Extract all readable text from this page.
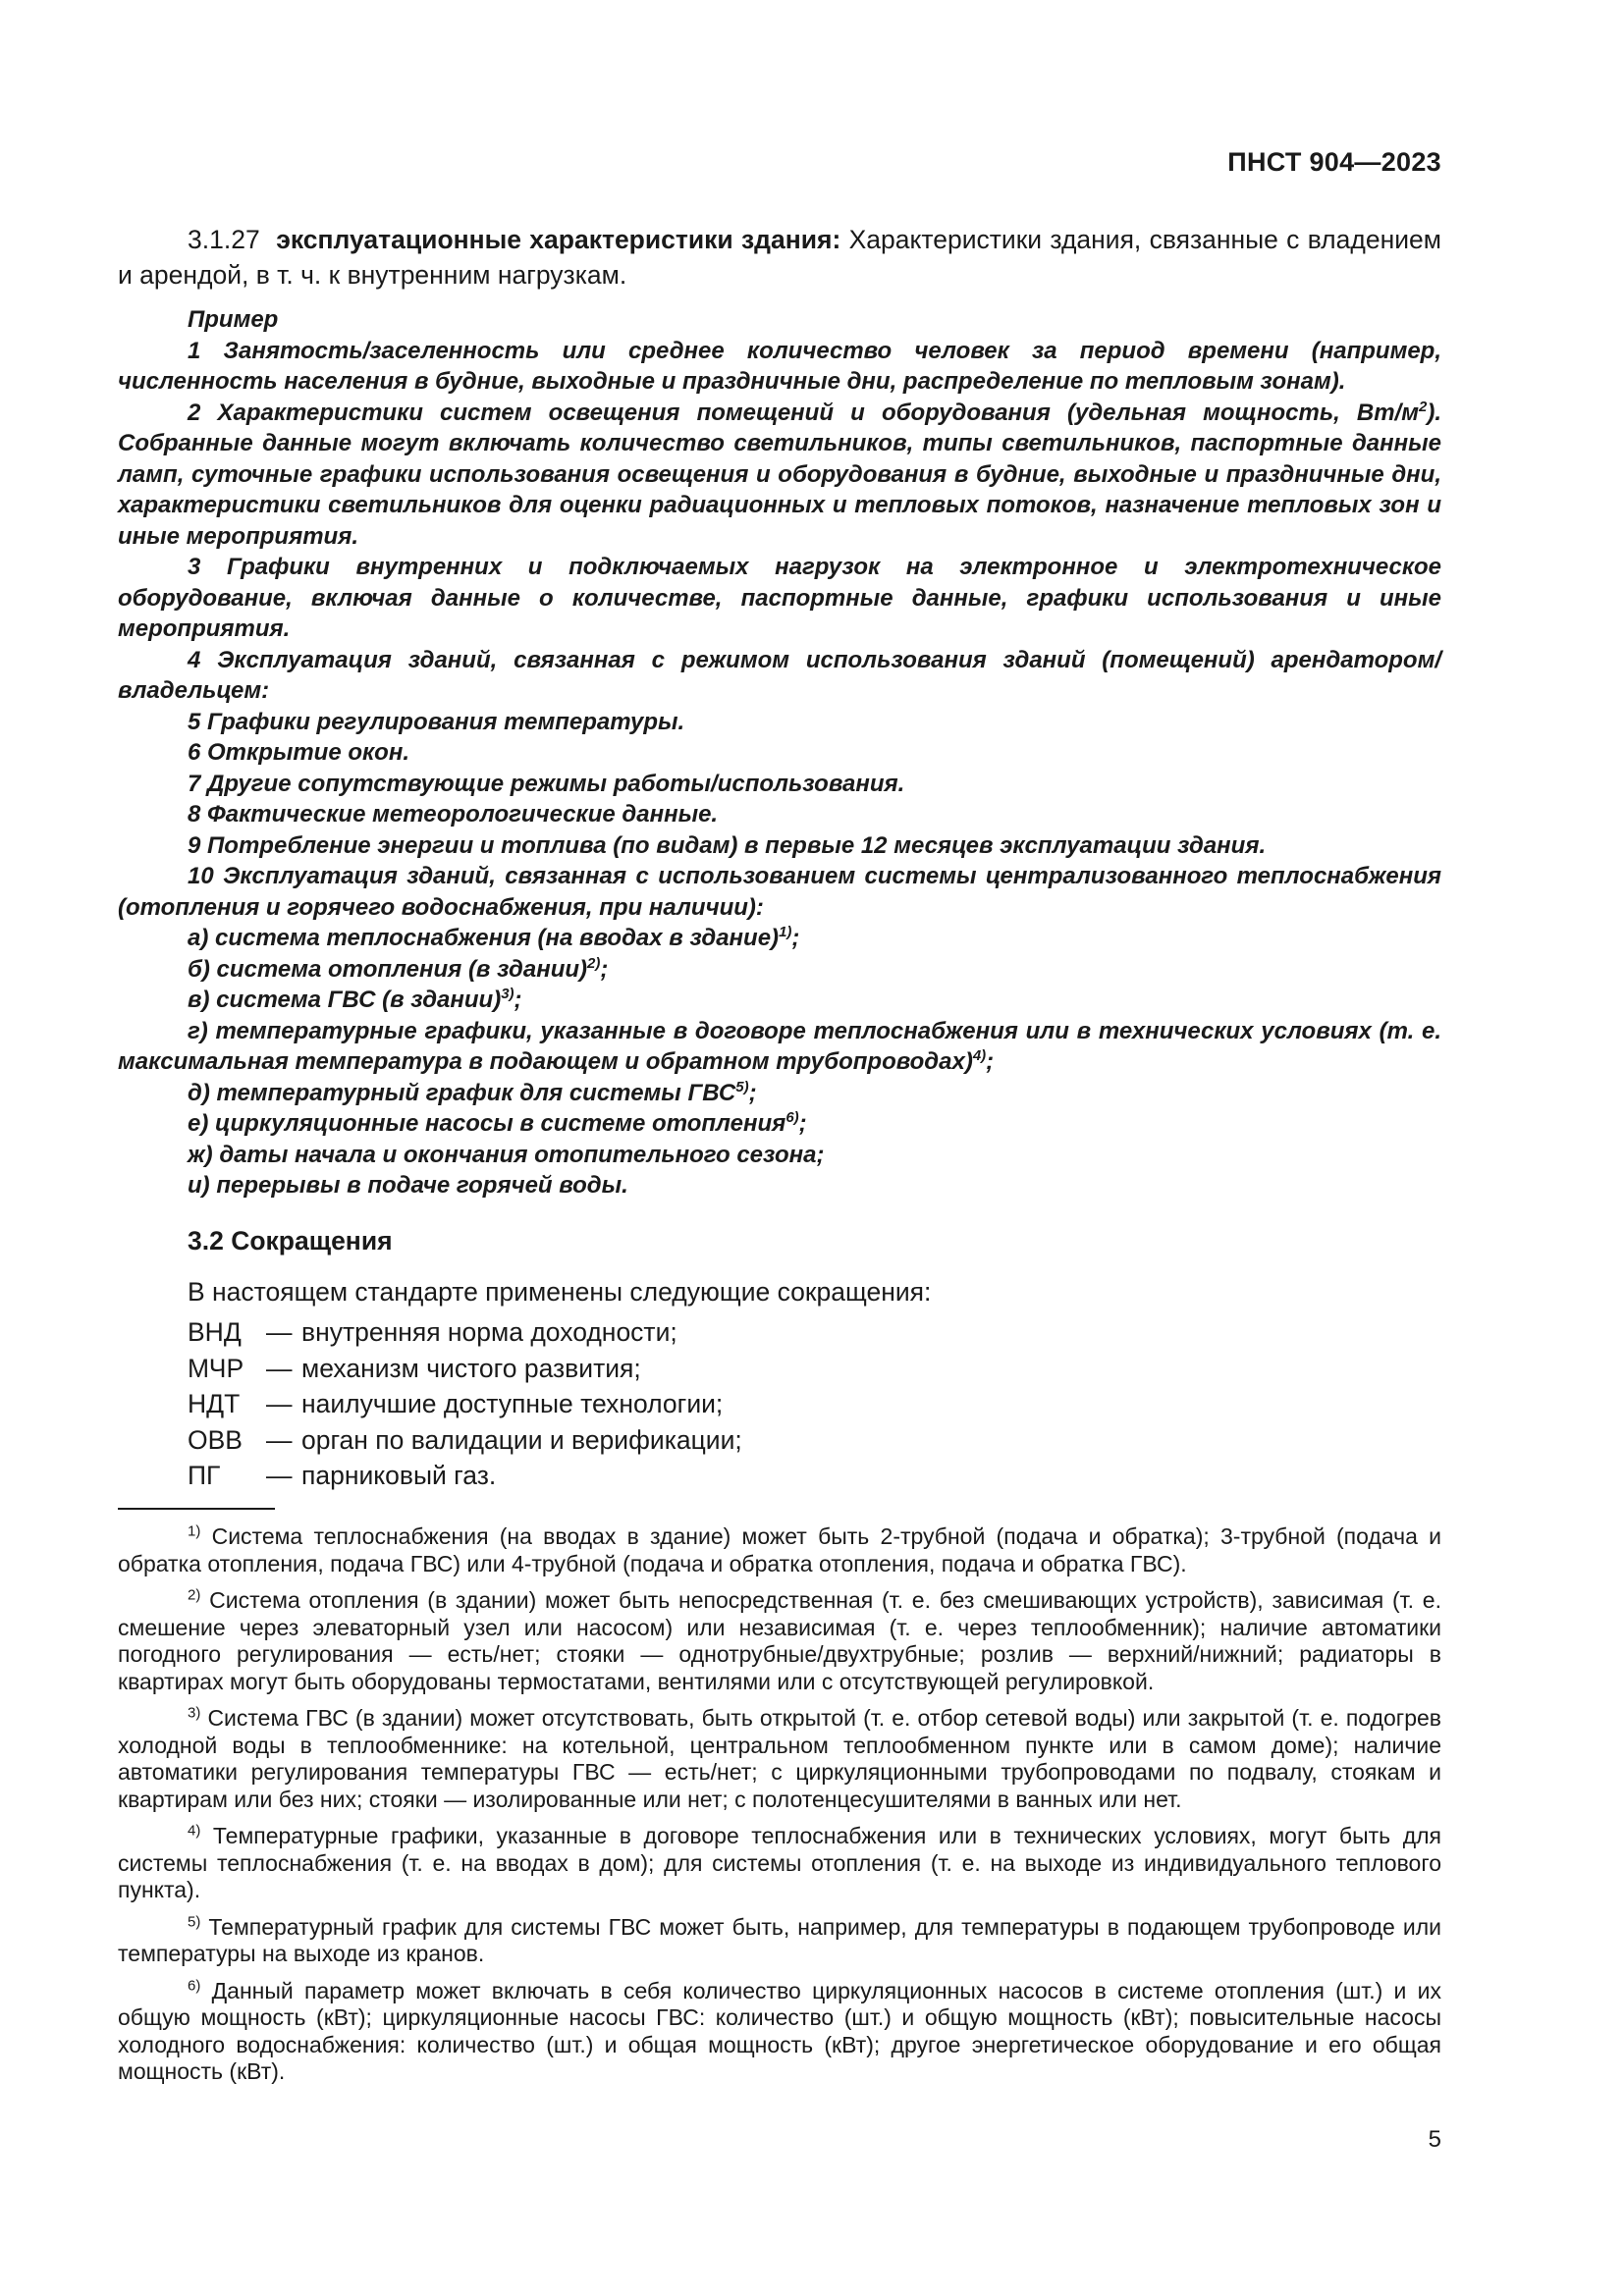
ПНСТ 904—2023

3.1.27 эксплуатационные характеристики здания: Характеристики здания, связанные с владением и арендой, в т. ч. к внутренним нагрузкам.

Пример

1 Занятость/заселенность или среднее количество человек за период времени (например, численность населения в будние, выходные и праздничные дни, распределение по тепловым зонам).

2 Характеристики систем освещения помещений и оборудования (удельная мощность, $Вт/м^2$). Собранные данные могут включать количество светильников, типы светильников, паспортные данные ламп, суточные графики использования освещения и оборудования в будние, выходные и праздничные дни, характеристики светильников для оценки радиационных и тепловых потоков, назначение тепловых зон и иные мероприятия.

3 Графики внутренних и подключаемых нагрузок на электронное и электротехническое оборудование, включая данные о количестве, паспортные данные, графики использования и иные мероприятия.

4 Эксплуатация зданий, связанная с режимом использования зданий (помещений) арендатором/владельцем:

5 Графики регулирования температуры.

6 Открытие окон.

7 Другие сопутствующие режимы работы/использования.

8 Фактические метеорологические данные.

9 Потребление энергии и топлива (по видам) в первые 12 месяцев эксплуатации здания.

10 Эксплуатация зданий, связанная с использованием системы централизованного теплоснабжения (отопления и горячего водоснабжения, при наличии):

а) система теплоснабжения (на вводах в здание)$^{1)}$;

б) система отопления (в здании)$^{2)}$;

в) система ГВС (в здании)$^{3)}$;

г) температурные графики, указанные в договоре теплоснабжения или в технических условиях (т. е. максимальная температура в подающем и обратном трубопроводах)$^{4)}$;

д) температурный график для системы ГВС$^{5)}$;

е) циркуляционные насосы в системе отопления$^{6)}$;

ж) даты начала и окончания отопительного сезона;

и) перерывы в подаче горячей воды.

3.2 Сокращения
В настоящем стандарте применены следующие сокращения:
ВНД — внутренняя норма доходности;
МЧР — механизм чистого развития;
НДТ	— наилучшие доступные технологии;
ОВВ — орган по валидации и верификации;
ПГ	— парниковый газ.

$^{1)}$ Система теплоснабжения (на вводах в здание) может быть 2-трубной (подача и обратка); 3-трубной (подача и обратка отопления, подача ГВС) или 4-трубной (подача и обратка отопления, подача и обратка ГВС).

$^{2)}$ Система отопления (в здании) может быть непосредственная (т. е. без смешивающих устройств), зависимая (т. е. смешение через элеваторный узел или насосом) или независимая (т. е. через теплообменник); наличие автоматики погодного регулирования — есть/нет; стояки — однотрубные/двухтрубные; розлив — верхний/нижний; радиаторы в квартирах могут быть оборудованы термостатами, вентилями или с отсутствующей регулировкой.

$^{3)}$ Система ГВС (в здании) может отсутствовать, быть открытой (т. е. отбор сетевой воды) или закрытой (т. е. подогрев холодной воды в теплообменнике: на котельной, центральном теплообменном пункте или в самом доме); наличие автоматики регулирования температуры ГВС — есть/нет; с циркуляционными трубопроводами по подвалу, стоякам и квартирам или без них; стояки — изолированные или нет; с полотенцесушителями в ванных или нет.

$^{4)}$ Температурные графики, указанные в договоре теплоснабжения или в технических условиях, могут быть для системы теплоснабжения (т. е. на вводах в дом); для системы отопления (т. е. на выходе из индивидуального теплового пункта).

$^{5)}$ Температурный график для системы ГВС может быть, например, для температуры в подающем трубопроводе или температуры на выходе из кранов.

$^{6)}$ Данный параметр может включать в себя количество циркуляционных насосов в системе отопления (шт.) и их общую мощность (кВт); циркуляционные насосы ГВС: количество (шт.) и общую мощность (кВт); повысительные насосы холодного водоснабжения: количество (шт.) и общая мощность (кВт); другое энергетическое оборудование и его общая мощность (кВт).

5
